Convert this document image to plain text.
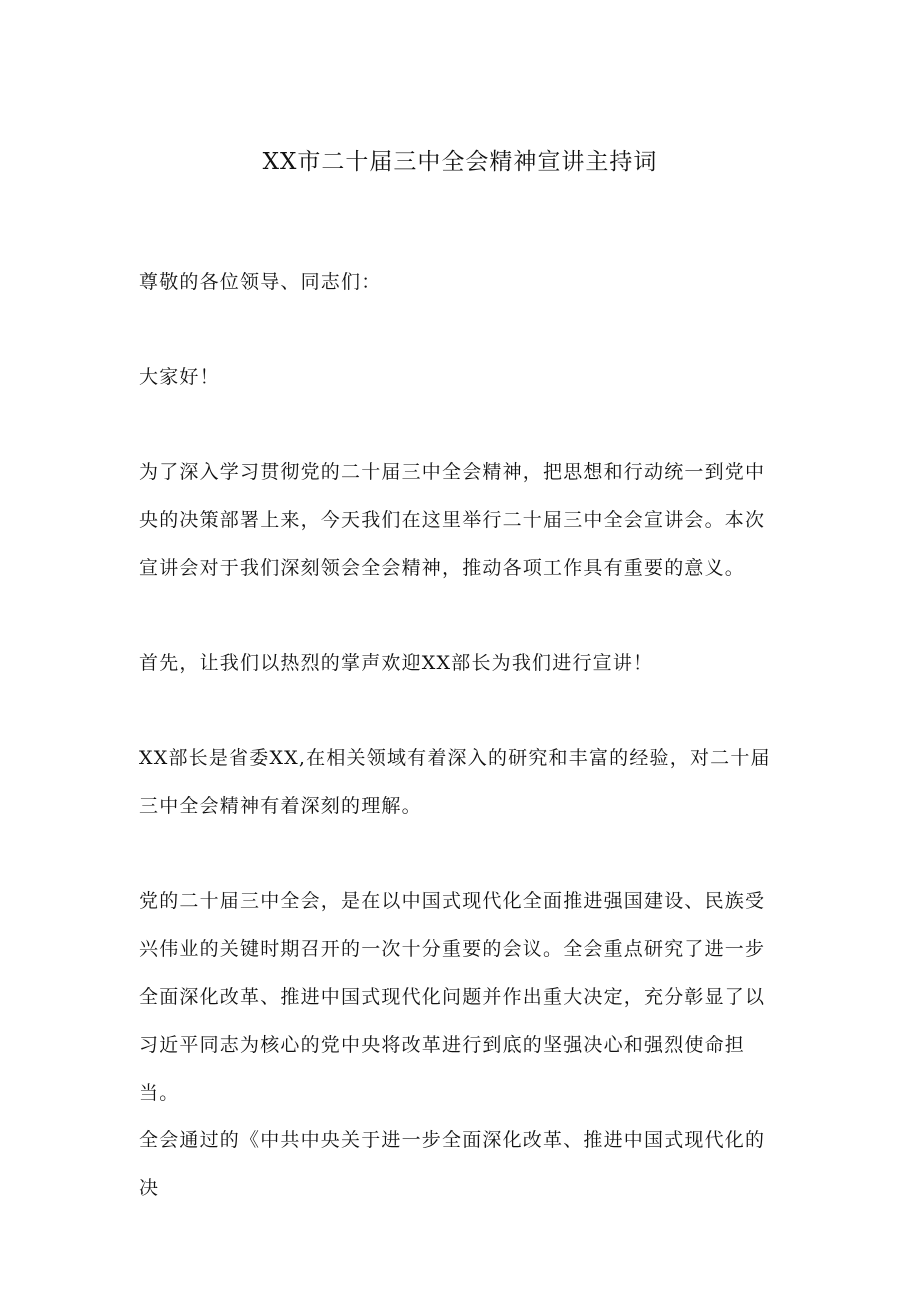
XX市二十届三中全会精神宣讲主持词

尊敬的各位领导、同志们：

大家好！

为了深入学习贯彻党的二十届三中全会精神，把思想和行动统一到党中央的决策部署上来，今天我们在这里举行二十届三中全会宣讲会。本次宣讲会对于我们深刻领会全会精神，推动各项工作具有重要的意义。

首先，让我们以热烈的掌声欢迎XX部长为我们进行宣讲！

XX部长是省委XX,在相关领域有着深入的研究和丰富的经验，对二十届三中全会精神有着深刻的理解。

党的二十届三中全会，是在以中国式现代化全面推进强国建设、民族受兴伟业的关键时期召开的一次十分重要的会议。全会重点研究了进一步全面深化改革、推进中国式现代化问题并作出重大决定，充分彰显了以习近平同志为核心的党中央将改革进行到底的坚强决心和强烈使命担当。

全会通过的《中共中央关于进一步全面深化改革、推进中国式现代化的决
